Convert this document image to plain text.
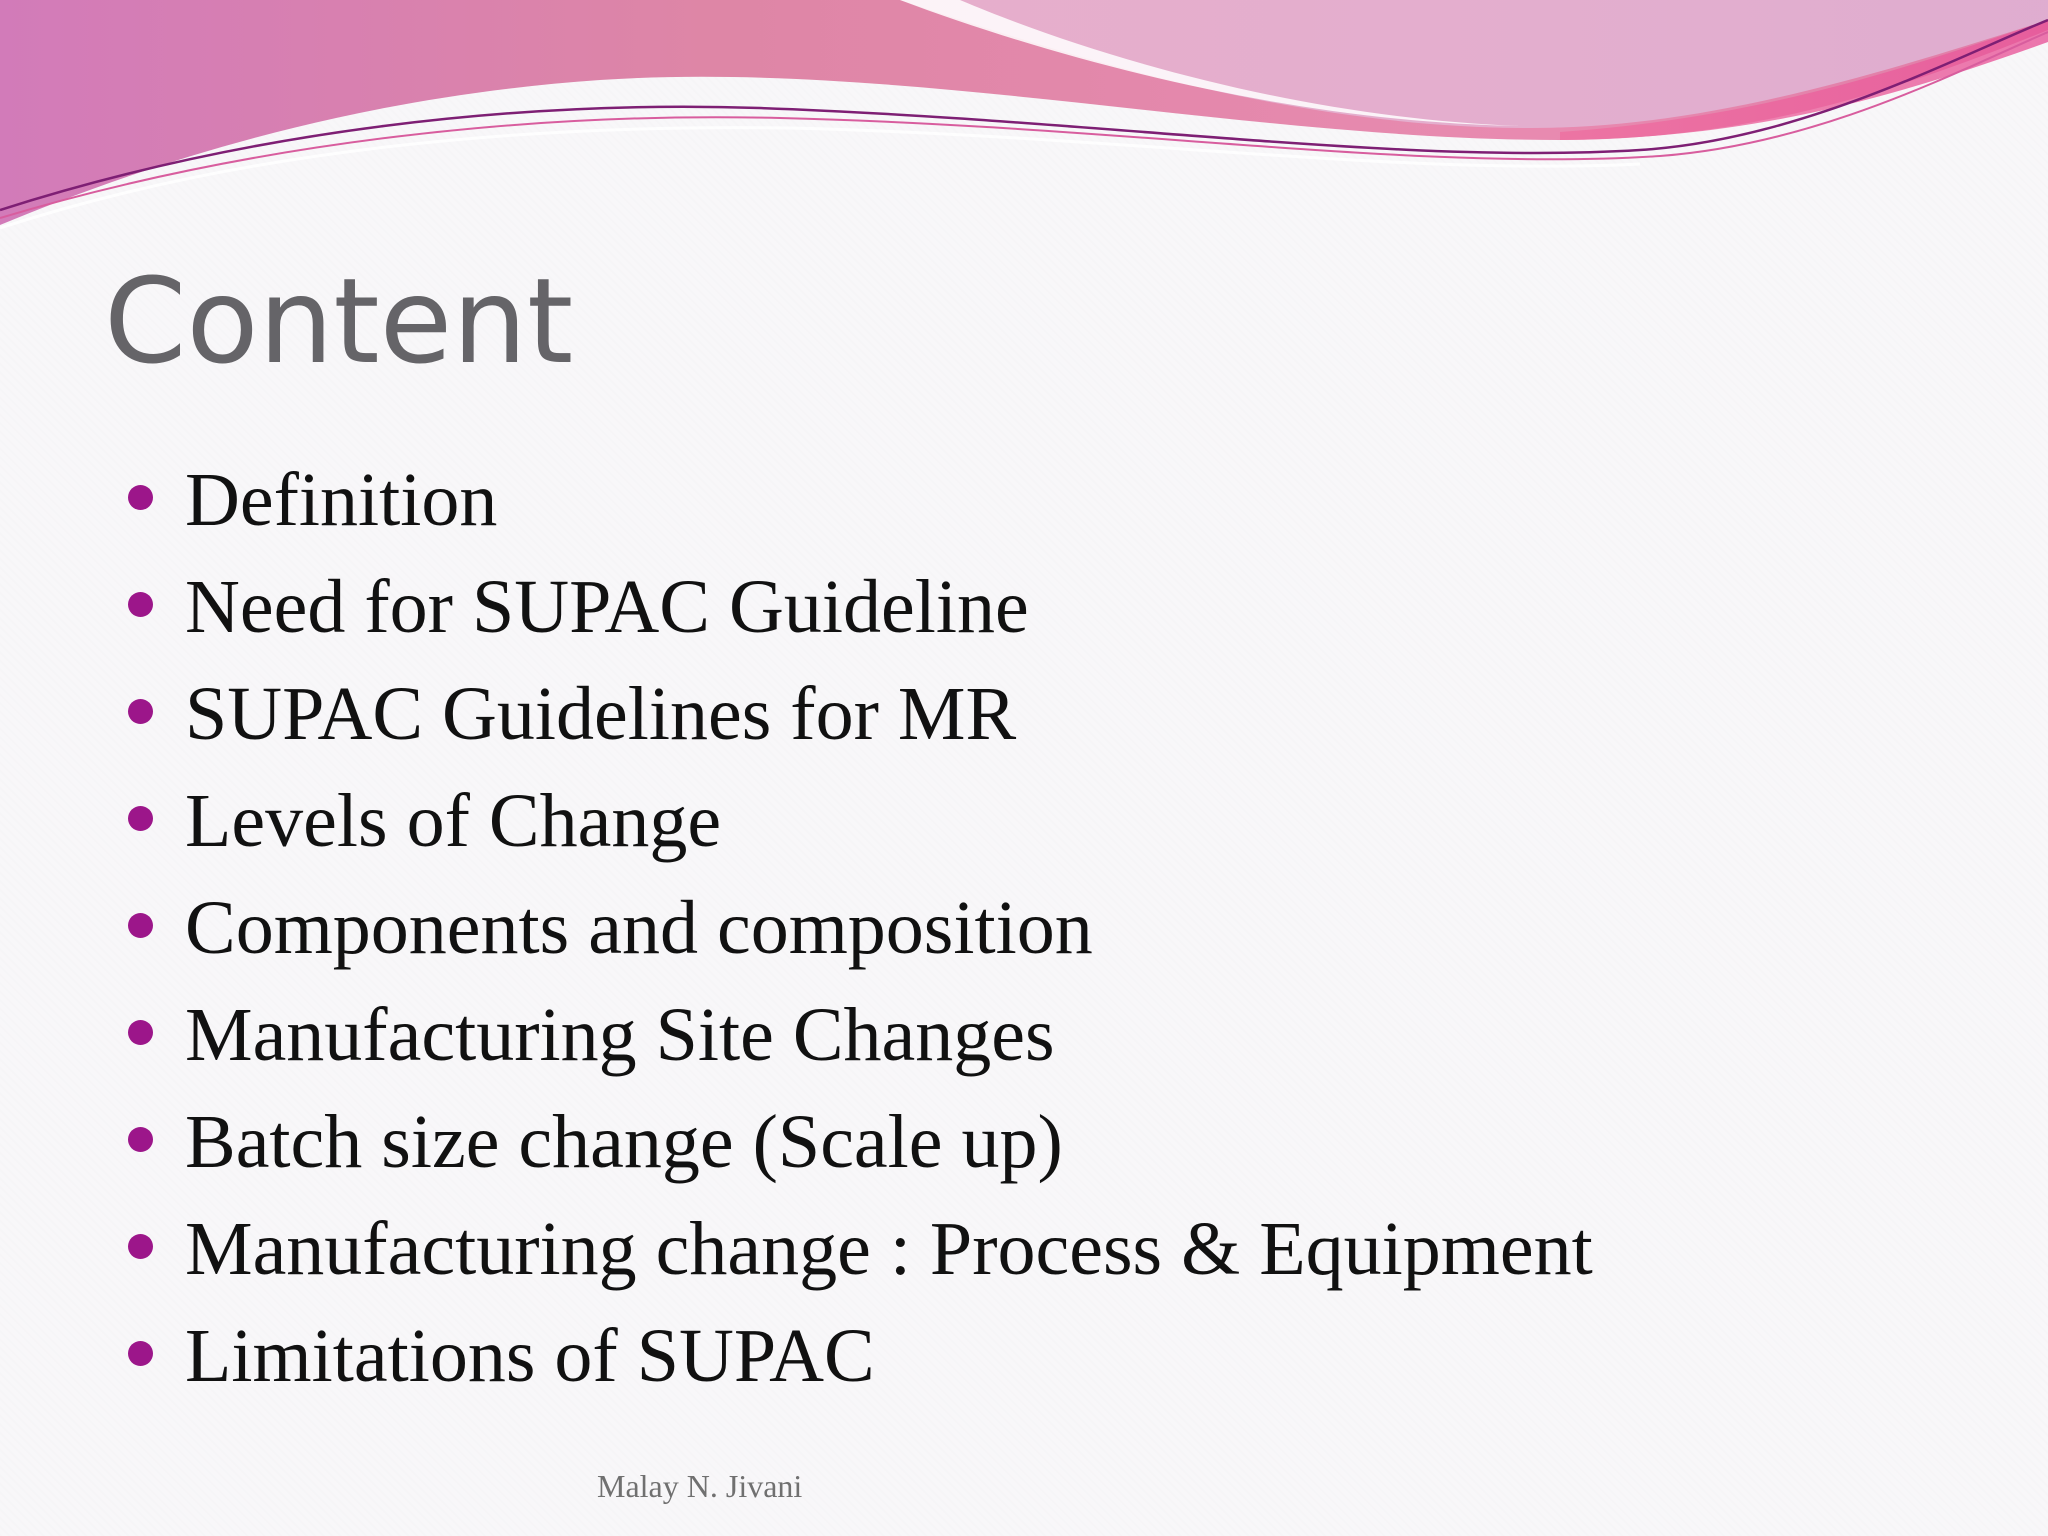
Content
Definition
Need for SUPAC Guideline
SUPAC Guidelines for MR
Levels of Change
Components and composition
Manufacturing Site Changes
Batch size change (Scale up)
Manufacturing change : Process & Equipment
Limitations of SUPAC
Malay N. Jivani
